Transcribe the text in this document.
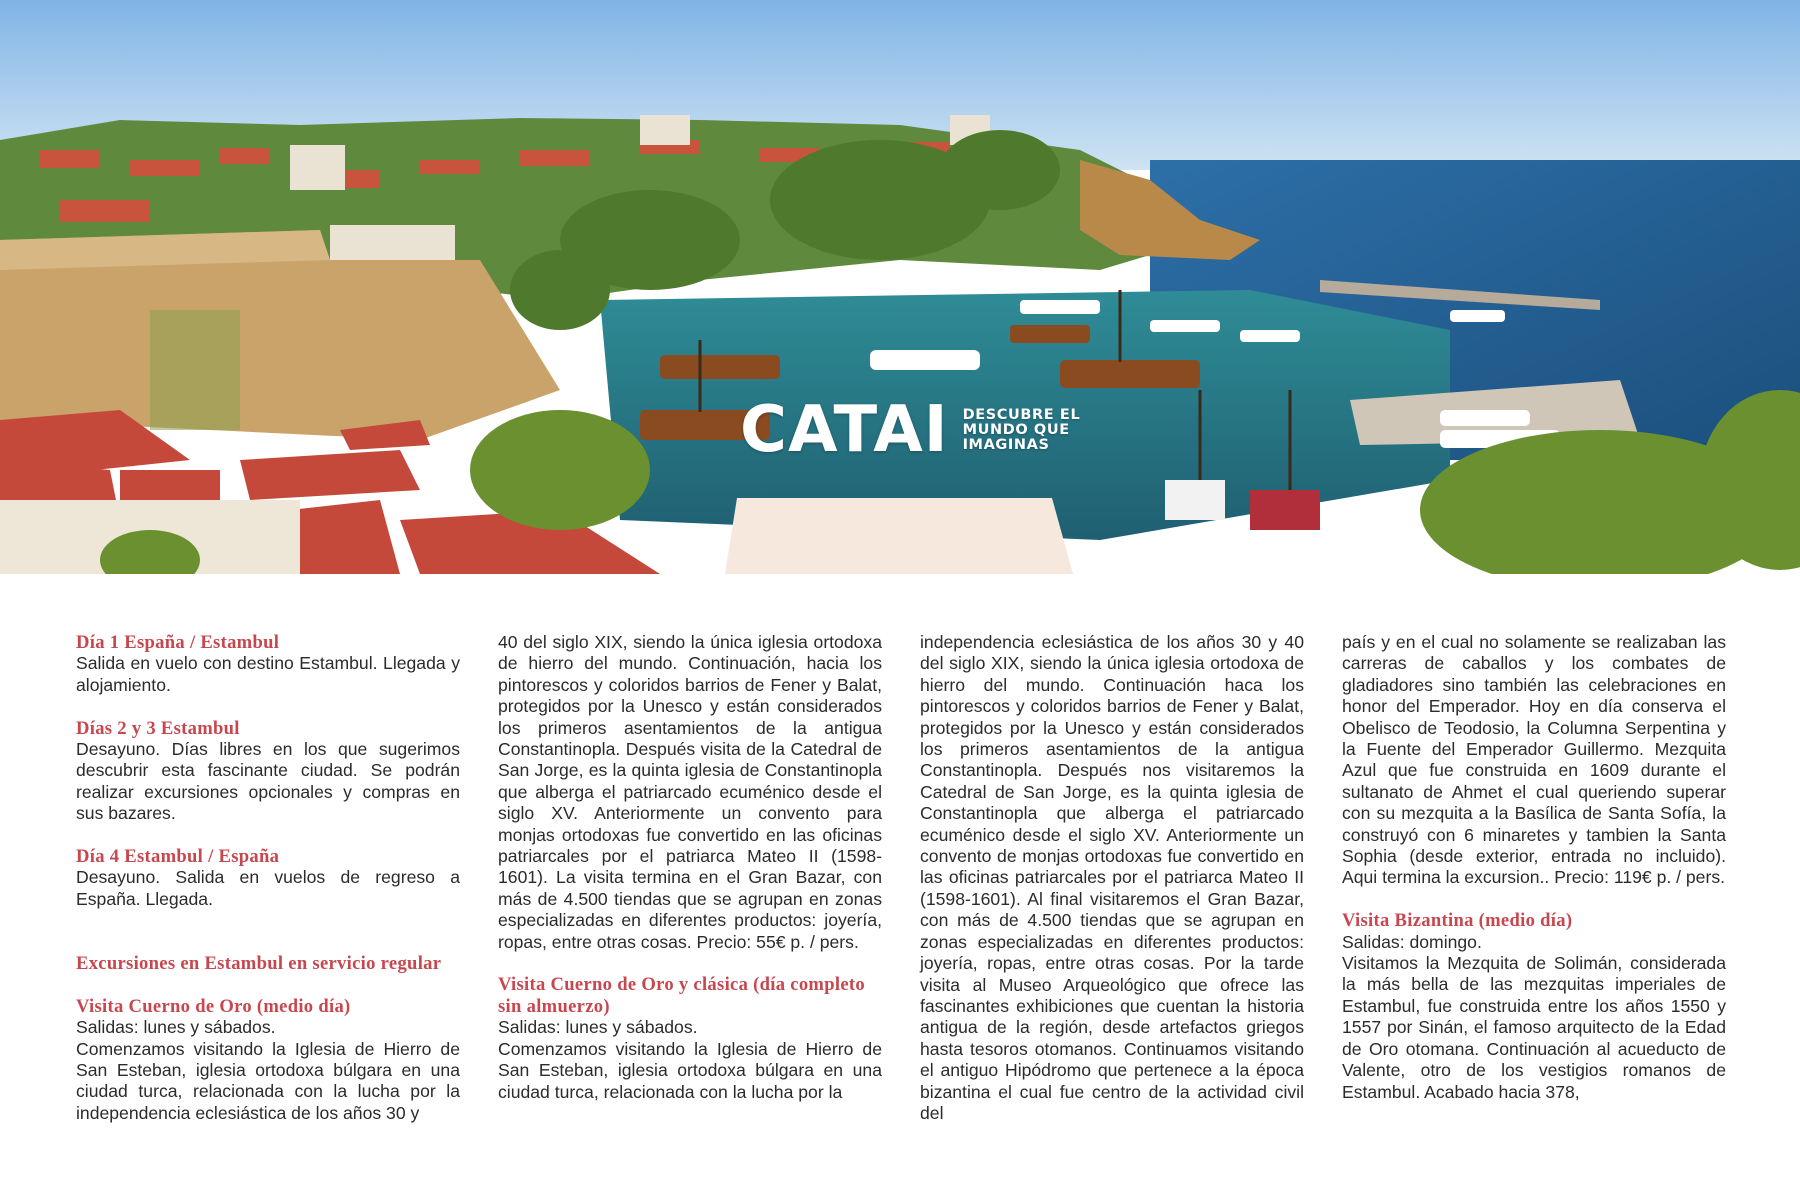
CATAI DESCUBRE EL
MUNDO QUE
IMAGINAS

Día 1 España / Estambul

Salida en vuelo con destino Estambul. Llegada y alojamiento.

Días 2 y 3 Estambul

Desayuno. Días libres en los que sugerimos descubrir esta fascinante ciudad. Se podrán realizar excursiones opcionales y compras en sus bazares.

Día 4 Estambul / España

Desayuno. Salida en vuelos de regreso a España. Llegada.

Excursiones en Estambul en servicio regular

Visita Cuerno de Oro (medio día)

Salidas: lunes y sábados.

Comenzamos visitando la Iglesia de Hierro de San Esteban, iglesia ortodoxa búlgara en una ciudad turca, relacionada con la lucha por la independencia eclesiástica de los años 30 y

40 del siglo XIX, siendo la única iglesia ortodoxa de hierro del mundo. Continuación, hacia los pintorescos y coloridos barrios de Fener y Balat, protegidos por la Unesco y están considerados los primeros asentamientos de la antigua Constantinopla. Después visita de la Catedral de San Jorge, es la quinta iglesia de Constantinopla que alberga el patriarcado ecuménico desde el siglo XV. Anteriormente un convento para monjas ortodoxas fue convertido en las oficinas patriarcales por el patriarca Mateo II (1598-1601). La visita termina en el Gran Bazar, con más de 4.500 tiendas que se agrupan en zonas especializadas en diferentes productos: joyería, ropas, entre otras cosas. Precio: 55€ p. / pers.

Visita Cuerno de Oro y clásica (día completo sin almuerzo)

Salidas: lunes y sábados.

Comenzamos visitando la Iglesia de Hierro de San Esteban, iglesia ortodoxa búlgara en una ciudad turca, relacionada con la lucha por la

independencia eclesiástica de los años 30 y 40 del siglo XIX, siendo la única iglesia ortodoxa de hierro del mundo. Continuación haca los pintorescos y coloridos barrios de Fener y Balat, protegidos por la Unesco y están considerados los primeros asentamientos de la antigua Constantinopla. Después nos visitaremos la Catedral de San Jorge, es la quinta iglesia de Constantinopla que alberga el patriarcado ecuménico desde el siglo XV. Anteriormente un convento de monjas ortodoxas fue convertido en las oficinas patriarcales por el patriarca Mateo II (1598-1601). Al final visitaremos el Gran Bazar, con más de 4.500 tiendas que se agrupan en zonas especializadas en diferentes productos: joyería, ropas, entre otras cosas. Por la tarde visita al Museo Arqueológico que ofrece las fascinantes exhibiciones que cuentan la historia antigua de la región, desde artefactos griegos hasta tesoros otomanos. Continuamos visitando el antiguo Hipódromo que pertenece a la época bizantina el cual fue centro de la actividad civil del

país y en el cual no solamente se realizaban las carreras de caballos y los combates de gladiadores sino también las celebraciones en honor del Emperador. Hoy en día conserva el Obelisco de Teodosio, la Columna Serpentina y la Fuente del Emperador Guillermo. Mezquita Azul que fue construida en 1609 durante el sultanato de Ahmet el cual queriendo superar con su mezquita a la Basílica de Santa Sofía, la construyó con 6 minaretes y tambien la Santa Sophia (desde exterior, entrada no incluido). Aqui termina la excursion.. Precio: 119€ p. / pers.

Visita Bizantina (medio día)

Salidas: domingo.

Visitamos la Mezquita de Solimán, considerada la más bella de las mezquitas imperiales de Estambul, fue construida entre los años 1550 y 1557 por Sinán, el famoso arquitecto de la Edad de Oro otomana. Continuación al acueducto de Valente, otro de los vestigios romanos de Estambul. Acabado hacia 378,
